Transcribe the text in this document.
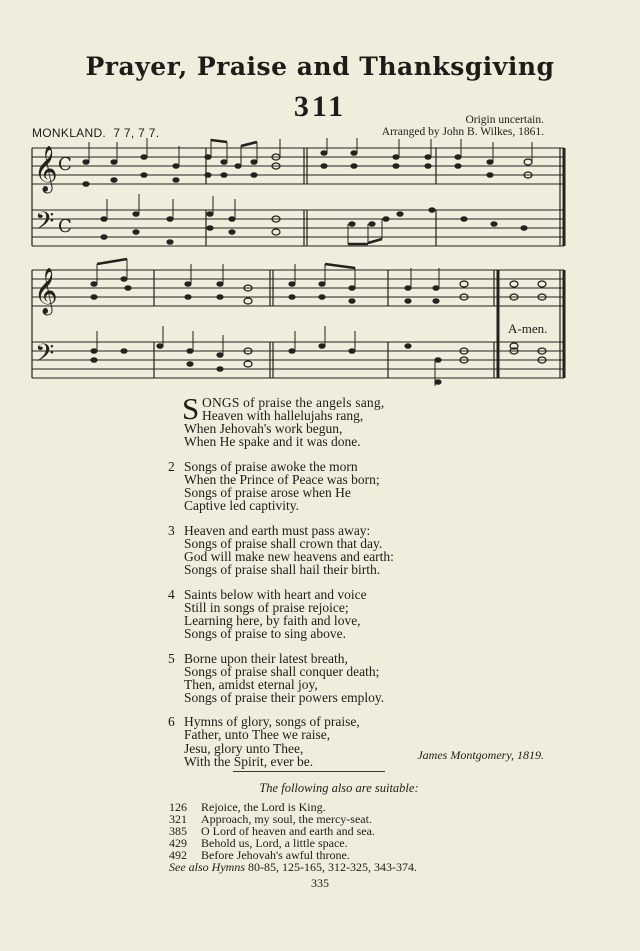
Prayer, Praise and Thanksgiving
311	Origin uncertain.
MONKLAND. 7 7, 7 7.	Arranged by John B. Wilkes, 1861.
𝄞
𝄢
𝄞
𝄢
C
C
A-men.
S ONGS of praise the angels sang,
Heaven with hallelujahs rang,
When Jehovah's work begun,
When He spake and it was done.
2 Songs of praise awoke the morn
When the Prince of Peace was born;
Songs of praise arose when He
Captive led captivity.
3 Heaven and earth must pass away:
Songs of praise shall crown that day.
God will make new heavens and earth:
Songs of praise shall hail their birth.
4 Saints below with heart and voice
Still in songs of praise rejoice;
Learning here, by faith and love,
Songs of praise to sing above.
5 Borne upon their latest breath,
Songs of praise shall conquer death;
Then, amidst eternal joy,
Songs of praise their powers employ.
6 Hymns of glory, songs of praise,
Father, unto Thee we raise,
Jesu, glory unto Thee,
With the Spirit, ever be.	James Montgomery, 1819.
The following also are suitable:
126 Rejoice, the Lord is King.
321 Approach, my soul, the mercy-seat.
385 O Lord of heaven and earth and sea.
429 Behold us, Lord, a little space.
492 Before Jehovah's awful throne.
See also Hymns 80-85, 125-165, 312-325, 343-374.
335
